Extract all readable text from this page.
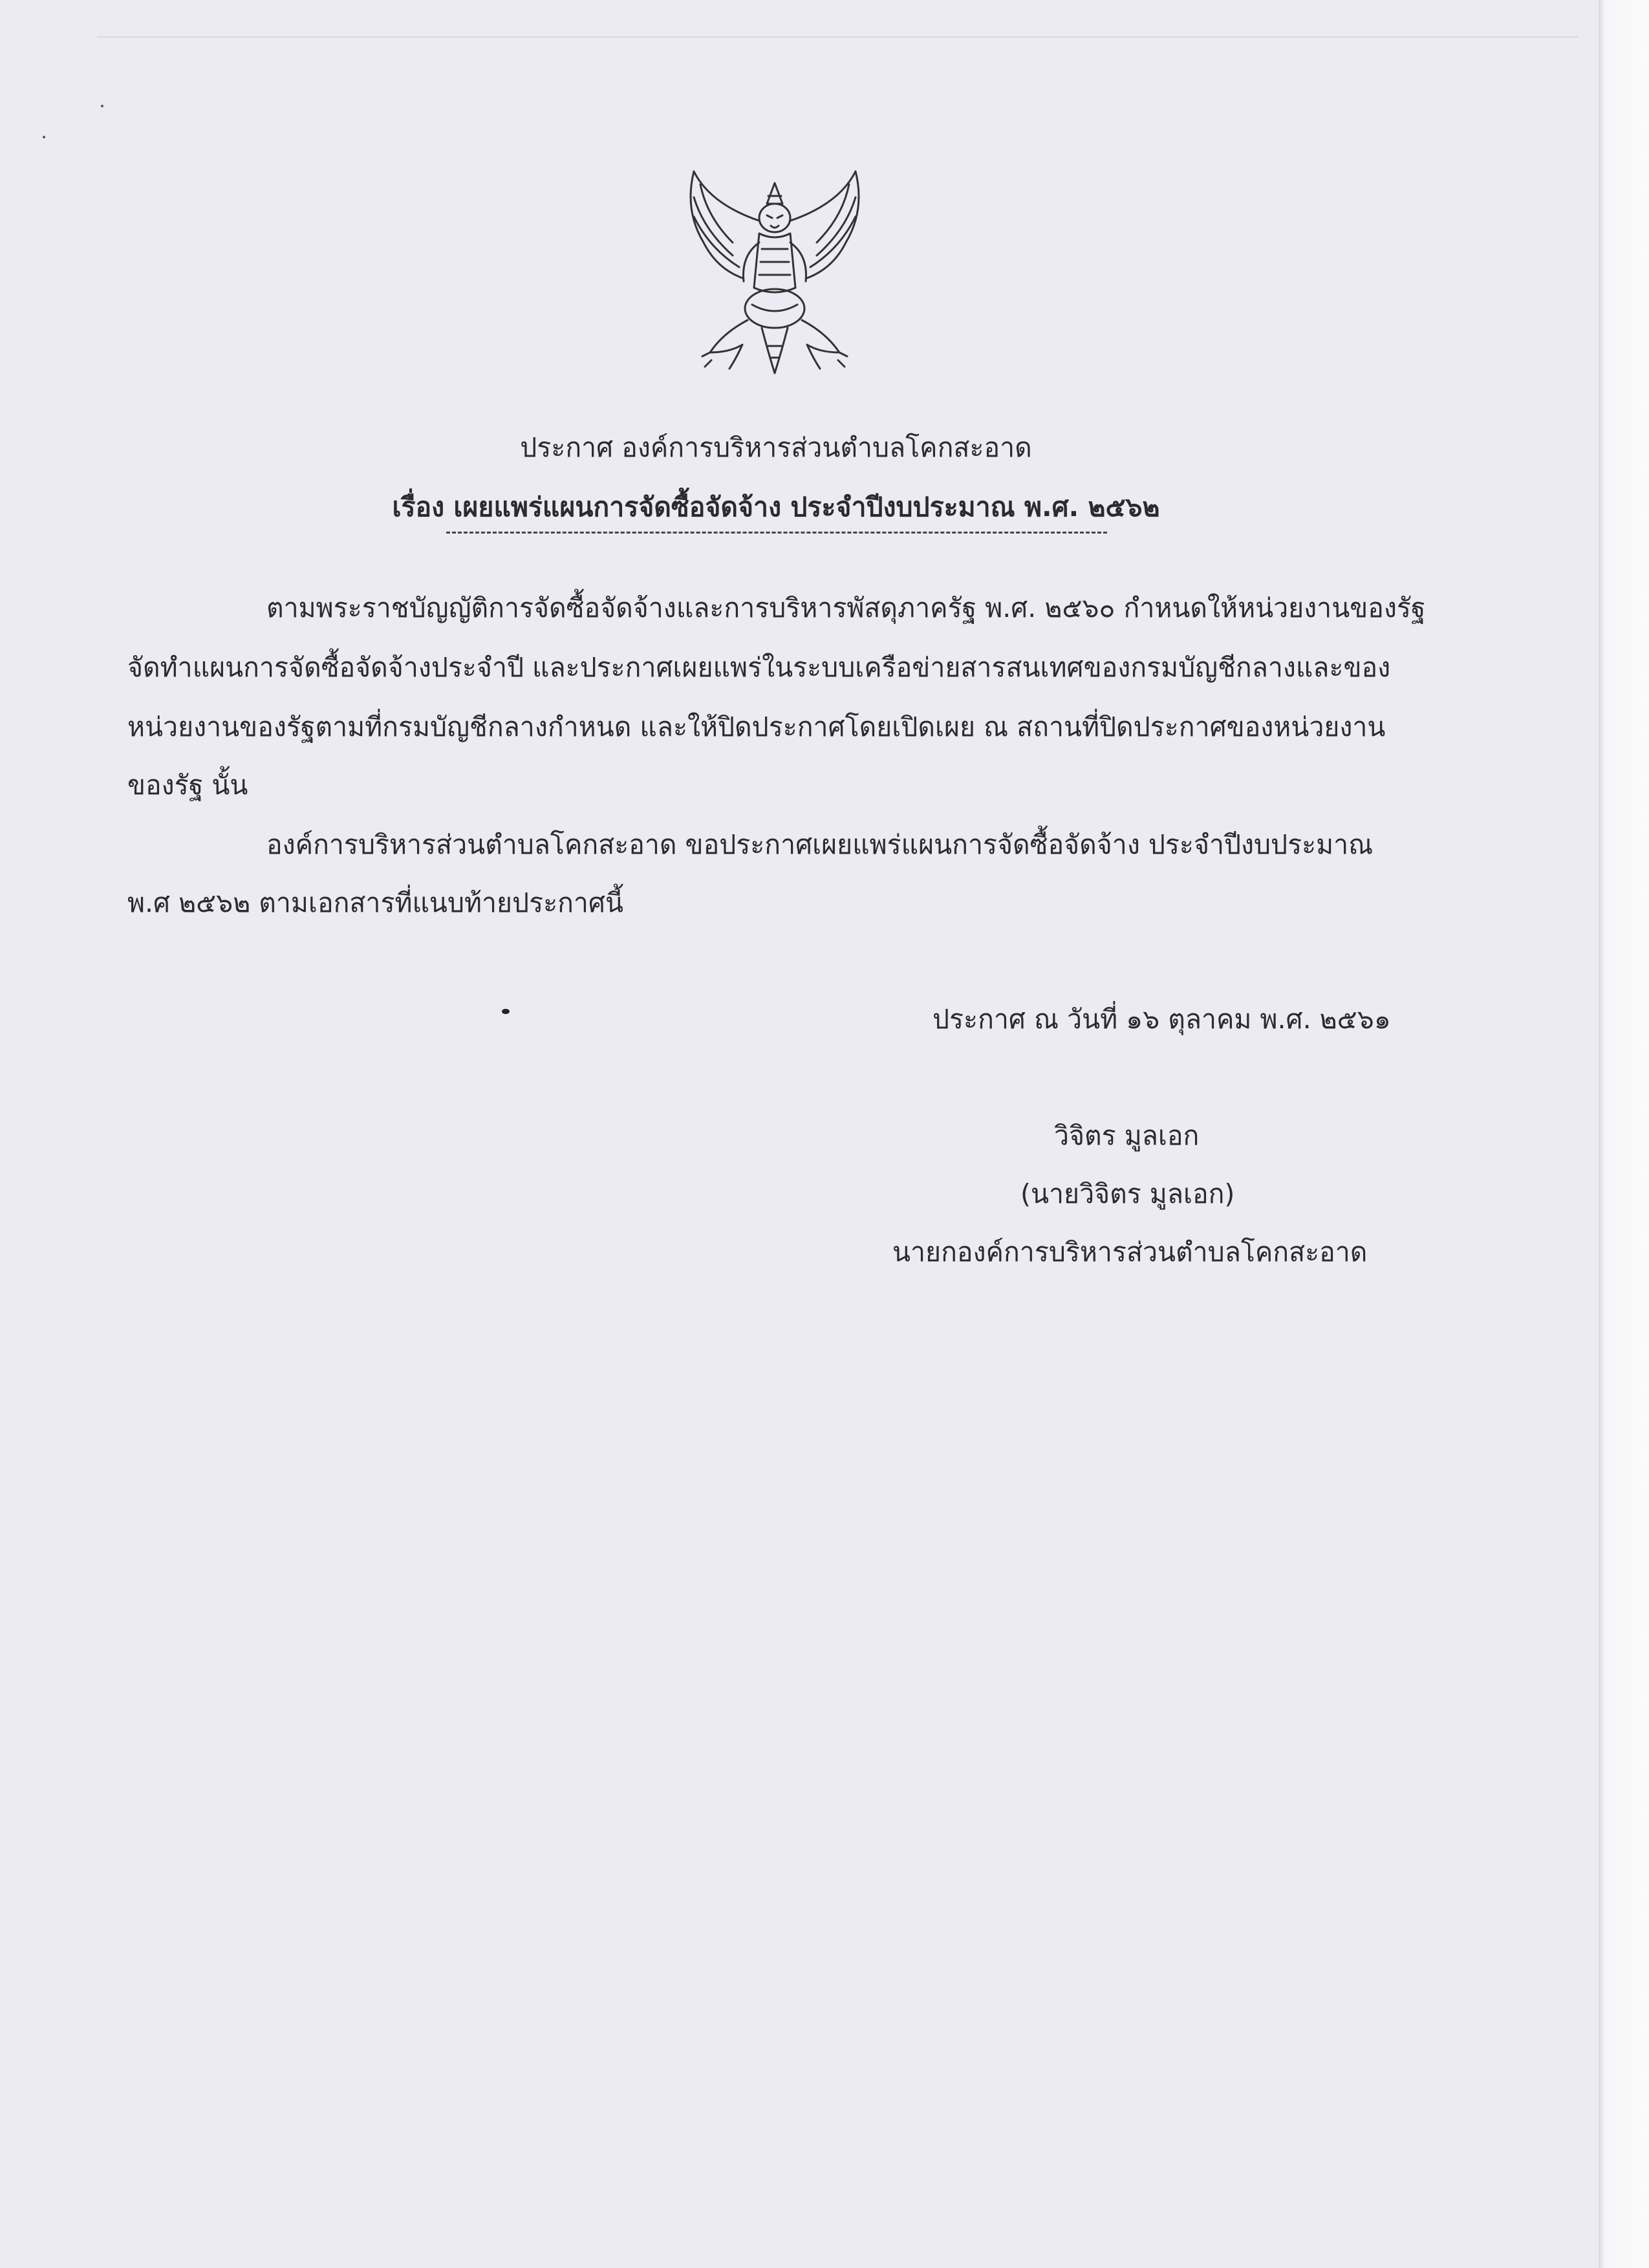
ประกาศ องค์การบริหารส่วนตำบลโคกสะอาด
เรื่อง เผยแพร่แผนการจัดซื้อจัดจ้าง ประจำปีงบประมาณ พ.ศ. ๒๕๖๒
ตามพระราชบัญญัติการจัดซื้อจัดจ้างและการบริหารพัสดุภาครัฐ พ.ศ. ๒๕๖๐ กำหนดให้หน่วยงานของรัฐ
จัดทำแผนการจัดซื้อจัดจ้างประจำปี และประกาศเผยแพร่ในระบบเครือข่ายสารสนเทศของกรมบัญชีกลางและของ
หน่วยงานของรัฐตามที่กรมบัญชีกลางกำหนด และให้ปิดประกาศโดยเปิดเผย ณ สถานที่ปิดประกาศของหน่วยงาน
ของรัฐ นั้น
องค์การบริหารส่วนตำบลโคกสะอาด ขอประกาศเผยแพร่แผนการจัดซื้อจัดจ้าง ประจำปีงบประมาณ
พ.ศ ๒๕๖๒ ตามเอกสารที่แนบท้ายประกาศนี้
ประกาศ ณ วันที่ ๑๖ ตุลาคม พ.ศ. ๒๕๖๑
วิจิตร มูลเอก
(นายวิจิตร มูลเอก)
นายกองค์การบริหารส่วนตำบลโคกสะอาด
